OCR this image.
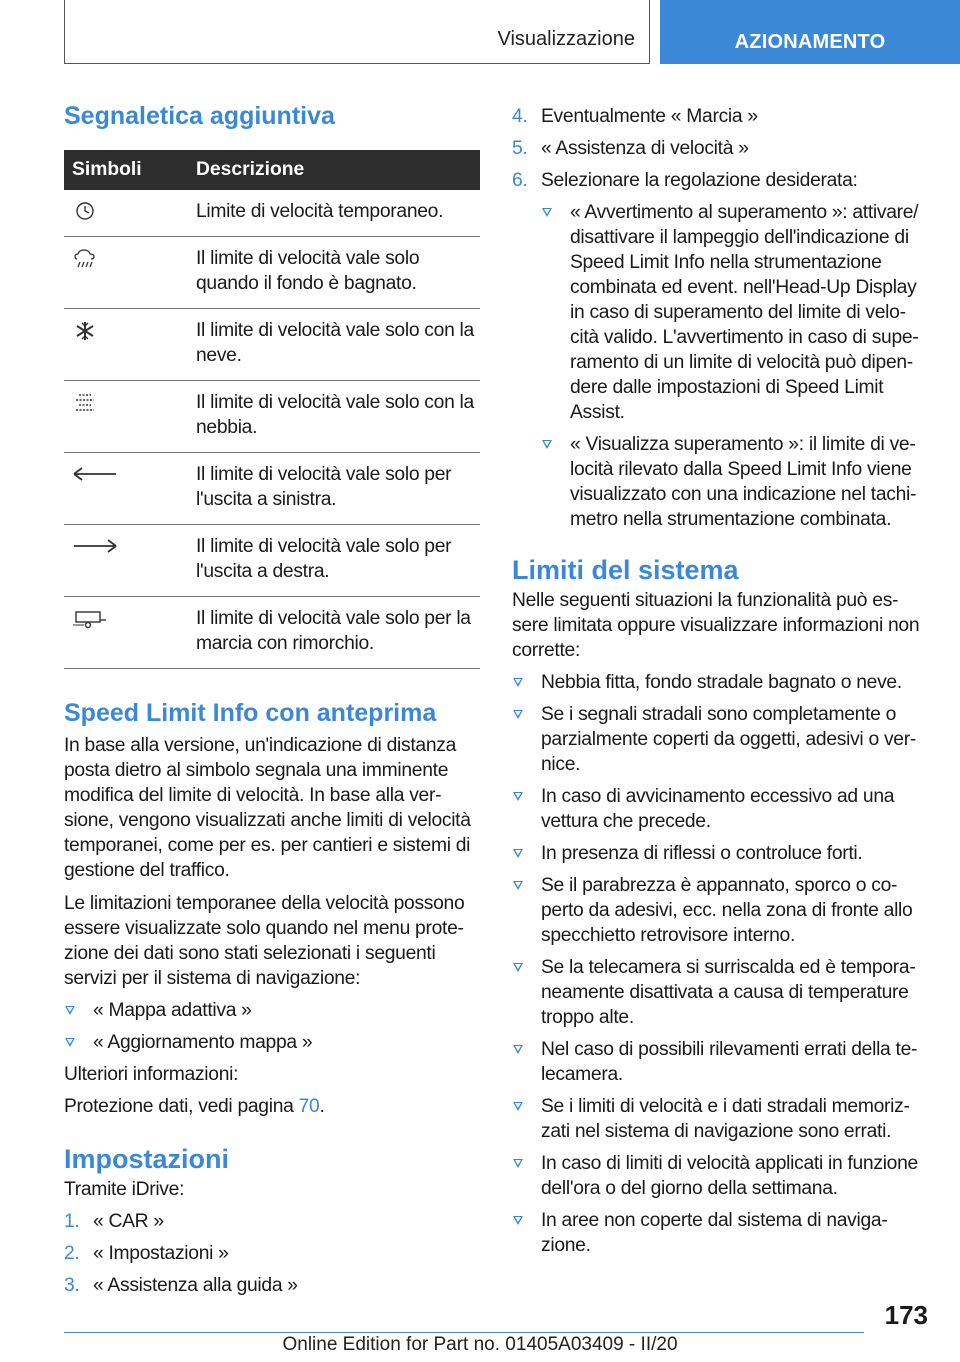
Visualizzazione	AZIONAMENTO
Segnaletica aggiuntiva
Simboli	Descrizione

	Limite di velocità temporaneo.

	Il limite di velocità vale solo quando il fondo è bagnato.

	Il limite di velocità vale solo con la neve.

	Il limite di velocità vale solo con la nebbia.

	Il limite di velocità vale solo per l'uscita a sinistra.

	Il limite di velocità vale solo per l'uscita a destra.

	Il limite di velocità vale solo per la marcia con rimorchio.
Speed Limit Info con anteprima

In base alla versione, un'indicazione di distanza posta dietro al simbolo segnala una imminente modifica del limite di velocità. In base alla ver-sione, vengono visualizzati anche limiti di velocità temporanei, come per es. per cantieri e sistemi di gestione del traffico.

Le limitazioni temporanee della velocità possono essere visualizzate solo quando nel menu prote-zione dei dati sono stati selezionati i seguenti servizi per il sistema di navigazione:

« Mappa adattiva »
« Aggiornamento mappa »

Ulteriori informazioni:

Protezione dati, vedi pagina 70.

Impostazioni

Tramite iDrive:

1. « CAR »
2. « Impostazioni »
3. « Assistenza alla guida »
4. Eventualmente « Marcia »
5. « Assistenza di velocità »
6. Selezionare la regolazione desiderata:
« Avvertimento al superamento »: attivare/ disattivare il lampeggio dell'indicazione di Speed Limit Info nella strumentazione combinata ed event. nell'Head-Up Display in caso di superamento del limite di velo-cità valido. L'avvertimento in caso di supe-ramento di un limite di velocità può dipen-dere dalle impostazioni di Speed Limit Assist.
« Visualizza superamento »: il limite di ve-locità rilevato dalla Speed Limit Info viene visualizzato con una indicazione nel tachi-metro nella strumentazione combinata.
Limiti del sistema

Nelle seguenti situazioni la funzionalità può es-sere limitata oppure visualizzare informazioni non corrette:

Nebbia fitta, fondo stradale bagnato o neve.
Se i segnali stradali sono completamente o parzialmente coperti da oggetti, adesivi o ver-nice.
In caso di avvicinamento eccessivo ad una vettura che precede.
In presenza di riflessi o controluce forti.
Se il parabrezza è appannato, sporco o co-perto da adesivi, ecc. nella zona di fronte allo specchietto retrovisore interno.
Se la telecamera si surriscalda ed è tempora-neamente disattivata a causa di temperature troppo alte.
Nel caso di possibili rilevamenti errati della te-lecamera.
Se i limiti di velocità e i dati stradali memoriz-zati nel sistema di navigazione sono errati.
In caso di limiti di velocità applicati in funzione dell'ora o del giorno della settimana.
In aree non coperte dal sistema di naviga-zione.
173
Online Edition for Part no. 01405A03409 - II/20
